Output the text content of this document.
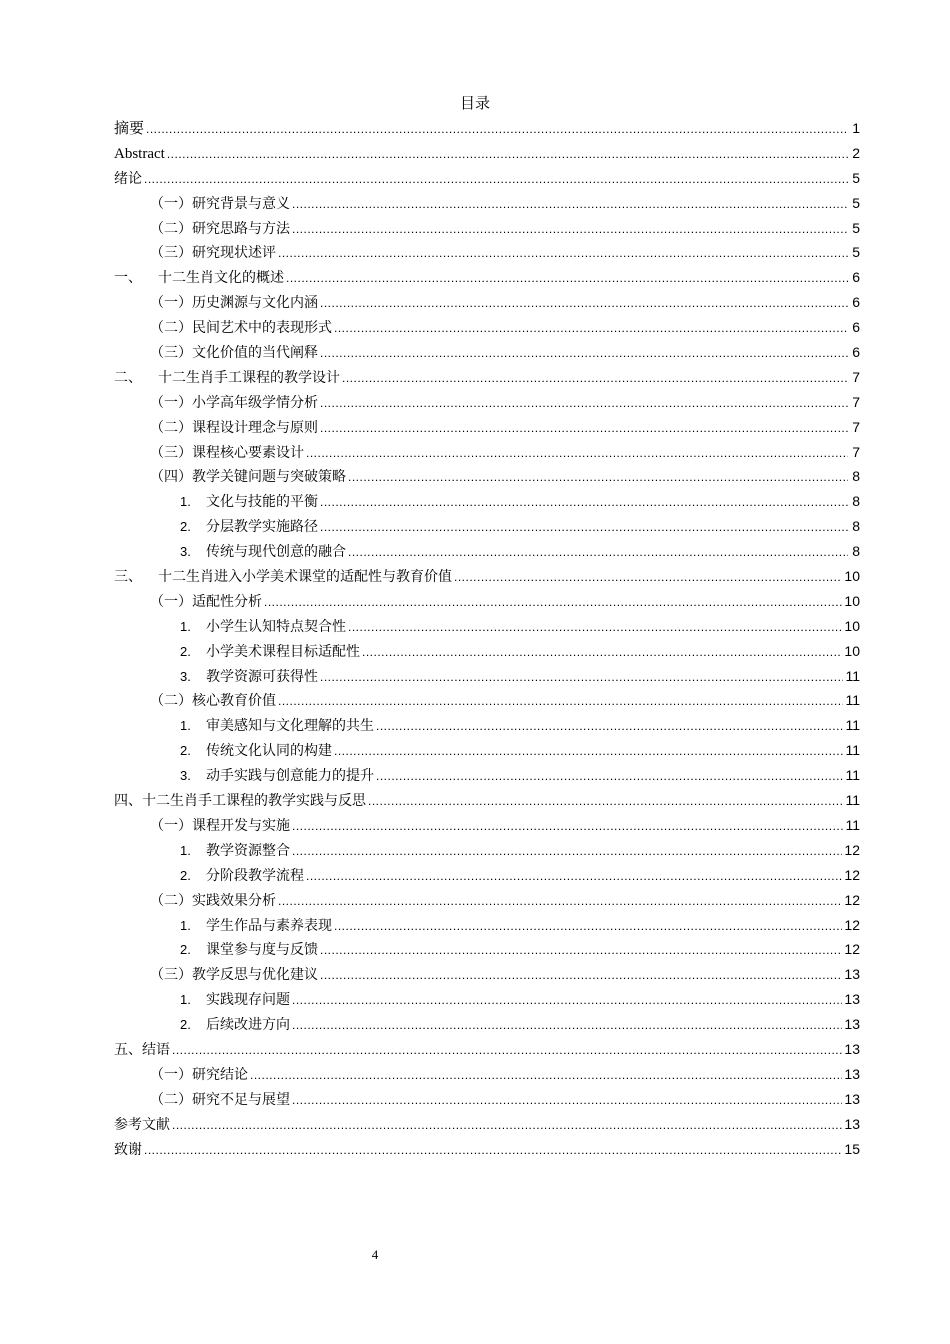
目录
摘要 .....	1
Abstract .....	2
绪论 .....	5
（一）研究背景与意义 .....	5
（二）研究思路与方法 .....	5
（三）研究现状述评 .....	5
一、	十二生肖文化的概述 .....	6
（一）历史渊源与文化内涵 .....	6
（二）民间艺术中的表现形式 .....	6
（三）文化价值的当代阐释 .....	6
二、	十二生肖手工课程的教学设计 .....	7
（一）小学高年级学情分析 .....	7
（二）课程设计理念与原则 .....	7
（三）课程核心要素设计 .....	7
（四）教学关键问题与突破策略 .....	8
1.	文化与技能的平衡 .....	8
2.	分层教学实施路径 .....	8
3.	传统与现代创意的融合 .....	8
三、	十二生肖进入小学美术课堂的适配性与教育价值 .....	10
（一）适配性分析 .....	10
1.	小学生认知特点契合性 .....	10
2.	小学美术课程目标适配性 .....	10
3.	教学资源可获得性 .....	11
（二）核心教育价值 .....	11
1.	审美感知与文化理解的共生 .....	11
2.	传统文化认同的构建 .....	11
3.	动手实践与创意能力的提升 .....	11
四、十二生肖手工课程的教学实践与反思 .....	11
（一）课程开发与实施 .....	11
1.	教学资源整合 .....	12
2.	分阶段教学流程 .....	12
（二）实践效果分析 .....	12
1.	学生作品与素养表现 .....	12
2.	课堂参与度与反馈 .....	12
（三）教学反思与优化建议 .....	13
1.	实践现存问题 .....	13
2.	后续改进方向 .....	13
五、结语 .....	13
（一）研究结论 .....	13
（二）研究不足与展望 .....	13
参考文献 .....	13
致谢 .....	15
4
